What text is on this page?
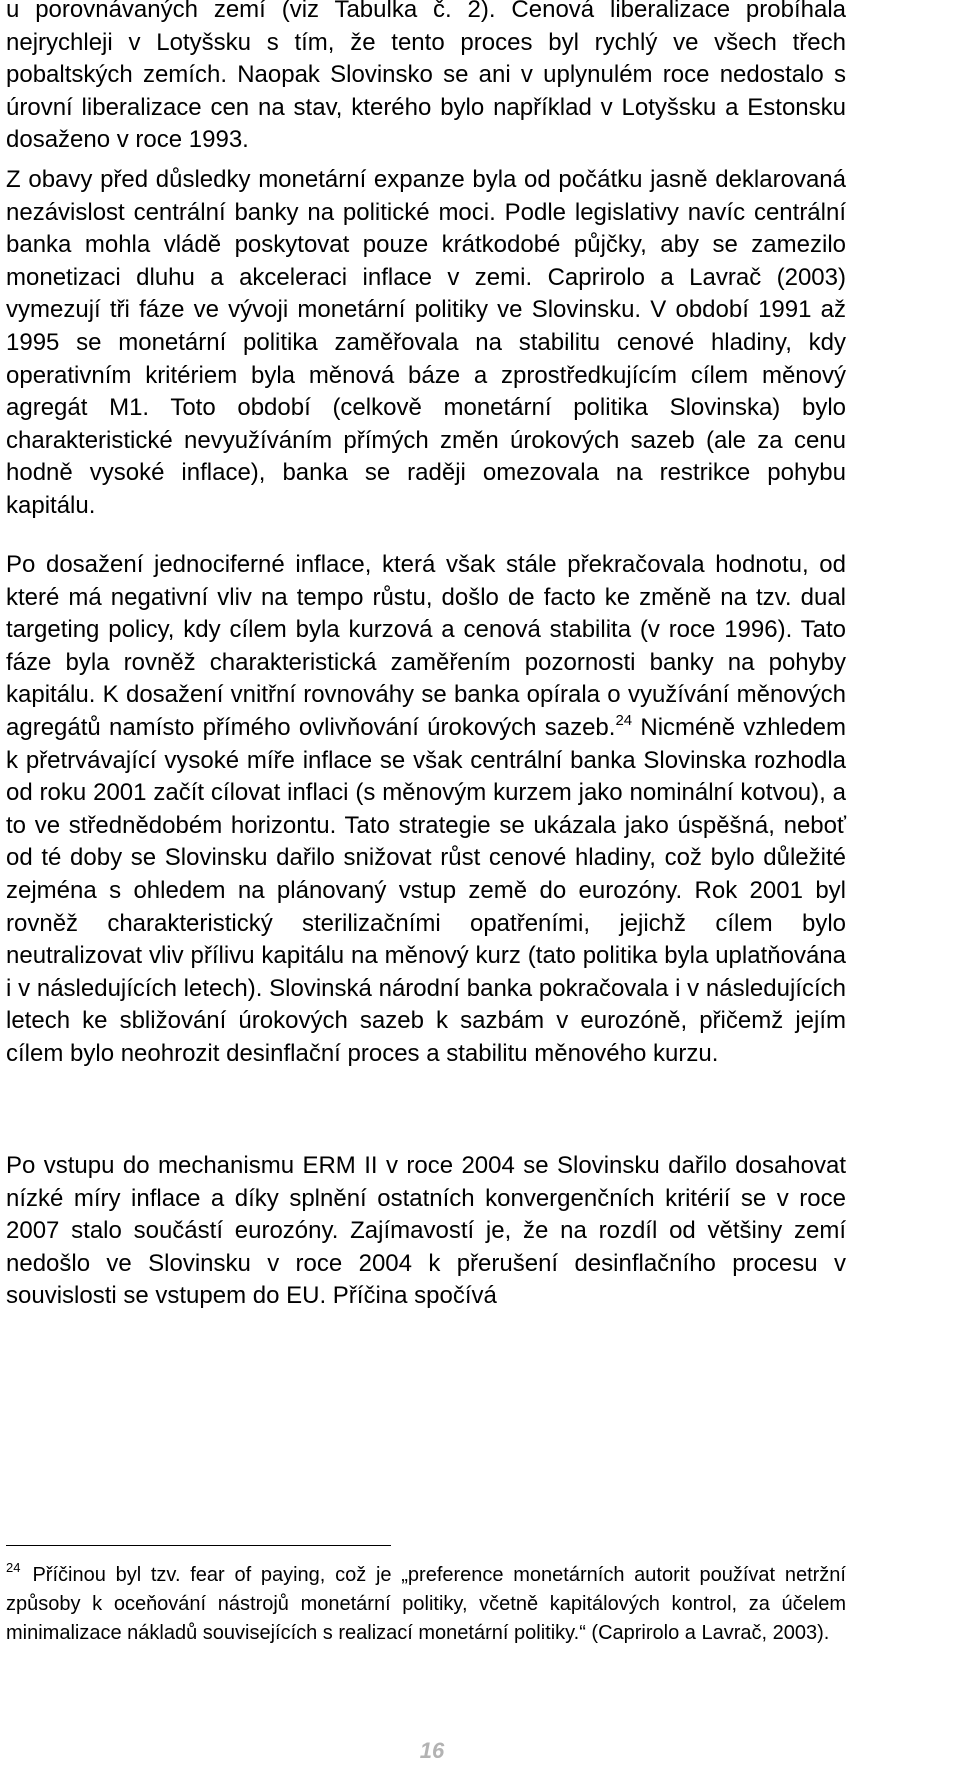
u porovnávaných zemí (viz Tabulka č. 2). Cenová liberalizace probíhala nejrychleji v Lotyšsku s tím, že tento proces byl rychlý ve všech třech pobaltských zemích. Naopak Slovinsko se ani v uplynulém roce nedostalo s úrovní liberalizace cen na stav, kterého bylo například v Lotyšsku a Estonsku dosaženo v roce 1993.

Z obavy před důsledky monetární expanze byla od počátku jasně deklarovaná nezávislost centrální banky na politické moci. Podle legislativy navíc centrální banka mohla vládě poskytovat pouze krátkodobé půjčky, aby se zamezilo monetizaci dluhu a akceleraci inflace v zemi. Caprirolo a Lavrač (2003) vymezují tři fáze ve vývoji monetární politiky ve Slovinsku. V období 1991 až 1995 se monetární politika zaměřovala na stabilitu cenové hladiny, kdy operativním kritériem byla měnová báze a zprostředkujícím cílem měnový agregát M1. Toto období (celkově monetární politika Slovinska) bylo charakteristické nevyužíváním přímých změn úrokových sazeb (ale za cenu hodně vysoké inflace), banka se raději omezovala na restrikce pohybu kapitálu.

Po dosažení jednociferné inflace, která však stále překračovala hodnotu, od které má negativní vliv na tempo růstu, došlo de facto ke změně na tzv. dual targeting policy, kdy cílem byla kurzová a cenová stabilita (v roce 1996). Tato fáze byla rovněž charakteristická zaměřením pozornosti banky na pohyby kapitálu. K dosažení vnitřní rovnováhy se banka opírala o využívání měnových agregátů namísto přímého ovlivňování úrokových sazeb.$^{24}$ Nicméně vzhledem k přetrvávající vysoké míře inflace se však centrální banka Slovinska rozhodla od roku 2001 začít cílovat inflaci (s měnovým kurzem jako nominální kotvou), a to ve střednědobém horizontu. Tato strategie se ukázala jako úspěšná, neboť od té doby se Slovinsku dařilo snižovat růst cenové hladiny, což bylo důležité zejména s ohledem na plánovaný vstup země do eurozóny. Rok 2001 byl rovněž charakteristický sterilizačními opatřeními, jejichž cílem bylo neutralizovat vliv přílivu kapitálu na měnový kurz (tato politika byla uplatňována i v následujících letech). Slovinská národní banka pokračovala i v následujících letech ke sbližování úrokových sazeb k sazbám v eurozóně, přičemž jejím cílem bylo neohrozit desinflační proces a stabilitu měnového kurzu.

Po vstupu do mechanismu ERM II v roce 2004 se Slovinsku dařilo dosahovat nízké míry inflace a díky splnění ostatních konvergenčních kritérií se v roce 2007 stalo součástí eurozóny. Zajímavostí je, že na rozdíl od většiny zemí nedošlo ve Slovinsku v roce 2004 k přerušení desinflačního procesu v souvislosti se vstupem do EU. Příčina spočívá

$^{24}$ Příčinou byl tzv. fear of paying, což je „preference monetárních autorit používat netržní způsoby k oceňování nástrojů monetární politiky, včetně kapitálových kontrol, za účelem minimalizace nákladů souvisejících s realizací monetární politiky.“ (Caprirolo a Lavrač, 2003).

16
